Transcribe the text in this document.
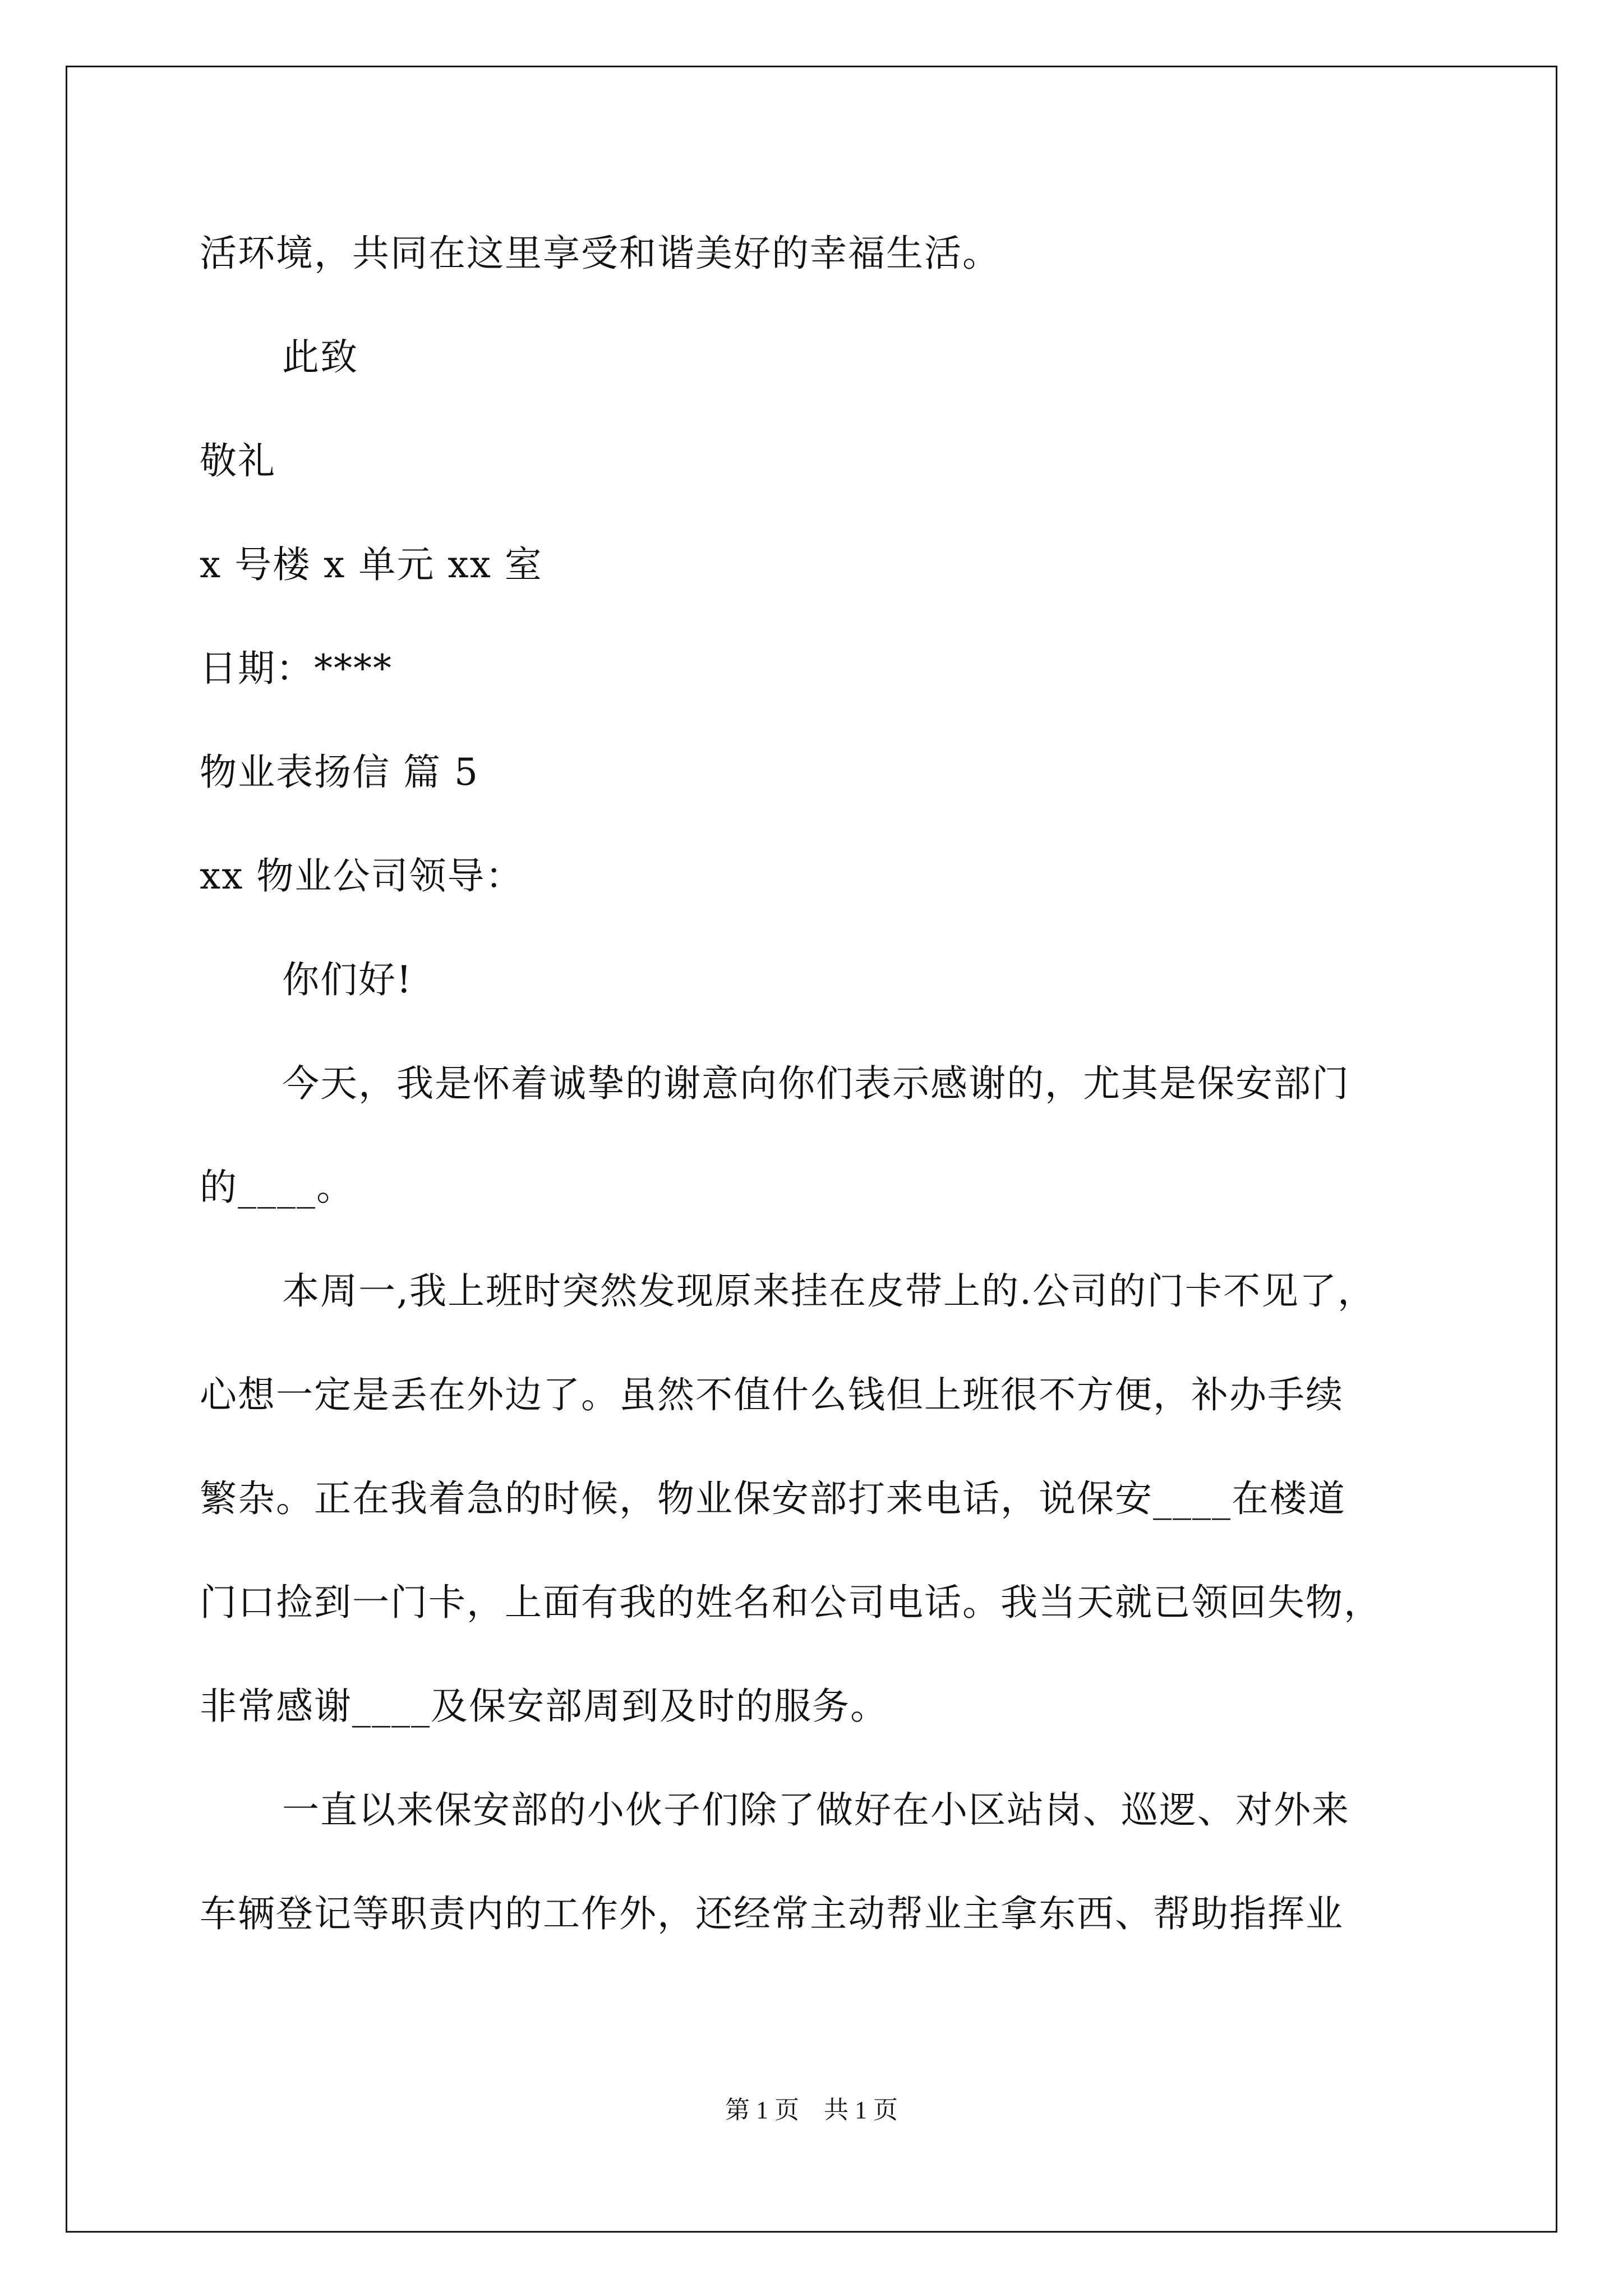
活环境，共同在这里享受和谐美好的幸福生活。
此致
敬礼
x 号楼 x 单元 xx 室
日期：****
物业表扬信 篇 5
xx 物业公司领导：
你们好!
今天，我是怀着诚挚的谢意向你们表示感谢的，尤其是保安部门
的____。
本周一,我上班时突然发现原来挂在皮带上的.公司的门卡不见了，
心想一定是丢在外边了。虽然不值什么钱但上班很不方便，补办手续
繁杂。正在我着急的时候，物业保安部打来电话，说保安____在楼道
门口捡到一门卡，上面有我的姓名和公司电话。我当天就已领回失物，
非常感谢____及保安部周到及时的服务。
一直以来保安部的小伙子们除了做好在小区站岗、巡逻、对外来
车辆登记等职责内的工作外，还经常主动帮业主拿东西、帮助指挥业
第 1 页    共 1 页
